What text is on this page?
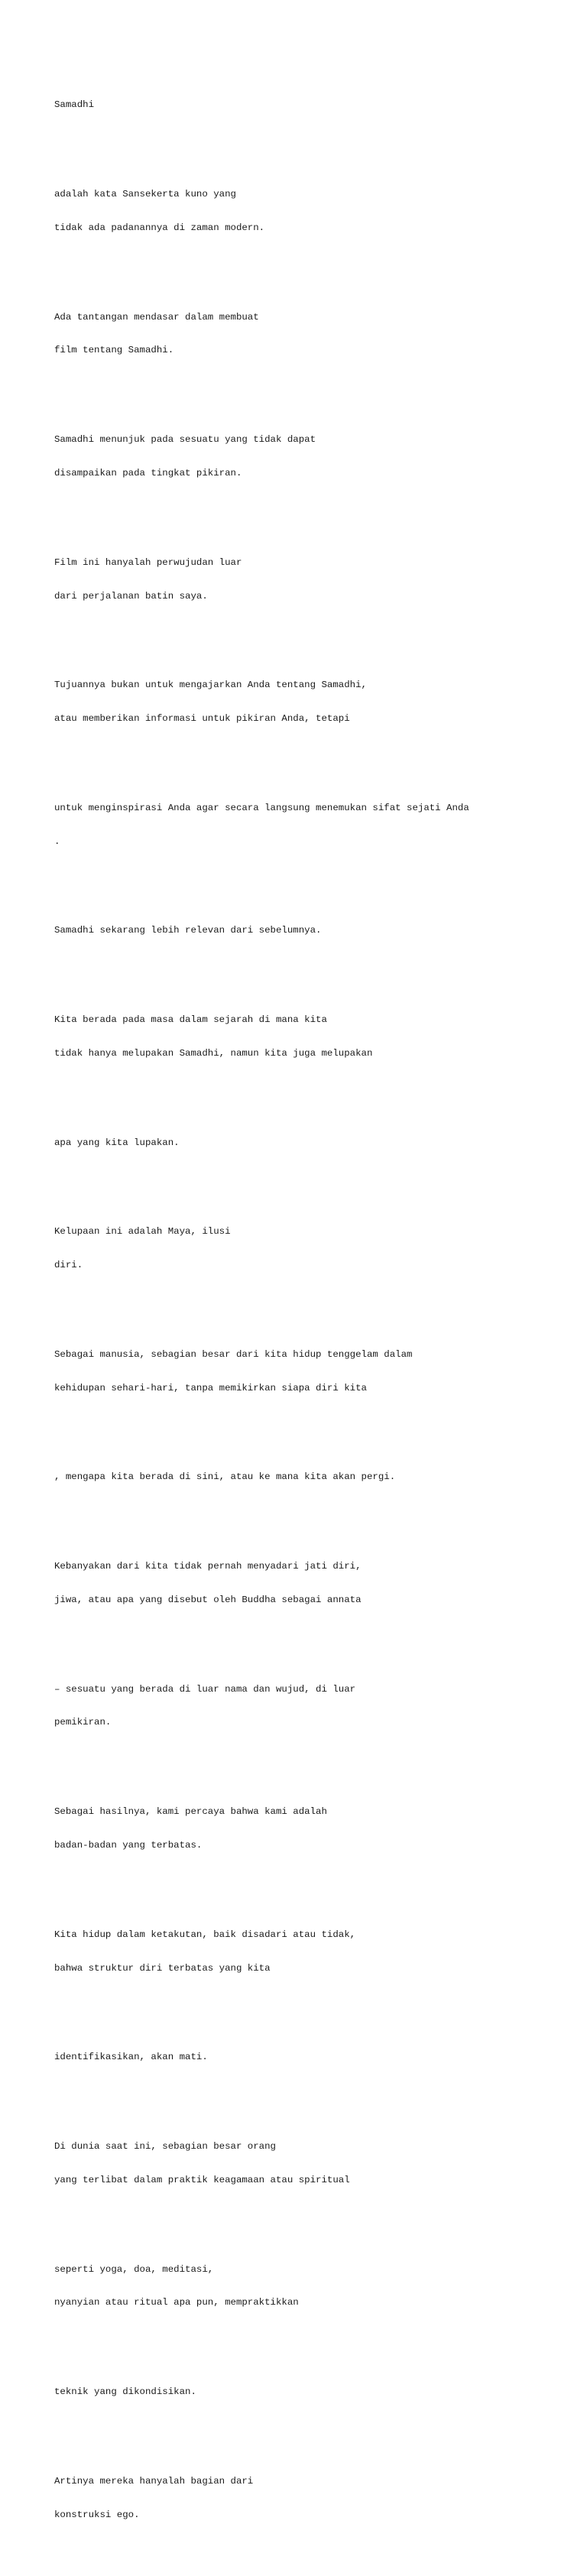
Samadhi

adalah kata Sansekerta kuno yang

tidak ada padanannya di zaman modern.

Ada tantangan mendasar dalam membuat

film tentang Samadhi.

Samadhi menunjuk pada sesuatu yang tidak dapat

disampaikan pada tingkat pikiran.

Film ini hanyalah perwujudan luar

dari perjalanan batin saya.

Tujuannya bukan untuk mengajarkan Anda tentang Samadhi,

atau memberikan informasi untuk pikiran Anda, tetapi

untuk menginspirasi Anda agar secara langsung menemukan sifat sejati Anda

.

Samadhi sekarang lebih relevan dari sebelumnya.

Kita berada pada masa dalam sejarah di mana kita

tidak hanya melupakan Samadhi, namun kita juga melupakan

apa yang kita lupakan.

Kelupaan ini adalah Maya, ilusi

diri.

Sebagai manusia, sebagian besar dari kita hidup tenggelam dalam

kehidupan sehari-hari, tanpa memikirkan siapa diri kita

, mengapa kita berada di sini, atau ke mana kita akan pergi.

Kebanyakan dari kita tidak pernah menyadari jati diri,

jiwa, atau apa yang disebut oleh Buddha sebagai annata

– sesuatu yang berada di luar nama dan wujud, di luar

pemikiran.

Sebagai hasilnya, kami percaya bahwa kami adalah

badan-badan yang terbatas.

Kita hidup dalam ketakutan, baik disadari atau tidak,

bahwa struktur diri terbatas yang kita

identifikasikan, akan mati.

Di dunia saat ini, sebagian besar orang

yang terlibat dalam praktik keagamaan atau spiritual

seperti yoga, doa, meditasi,

nyanyian atau ritual apa pun, mempraktikkan

teknik yang dikondisikan.

Artinya mereka hanyalah bagian dari

konstruksi ego.
